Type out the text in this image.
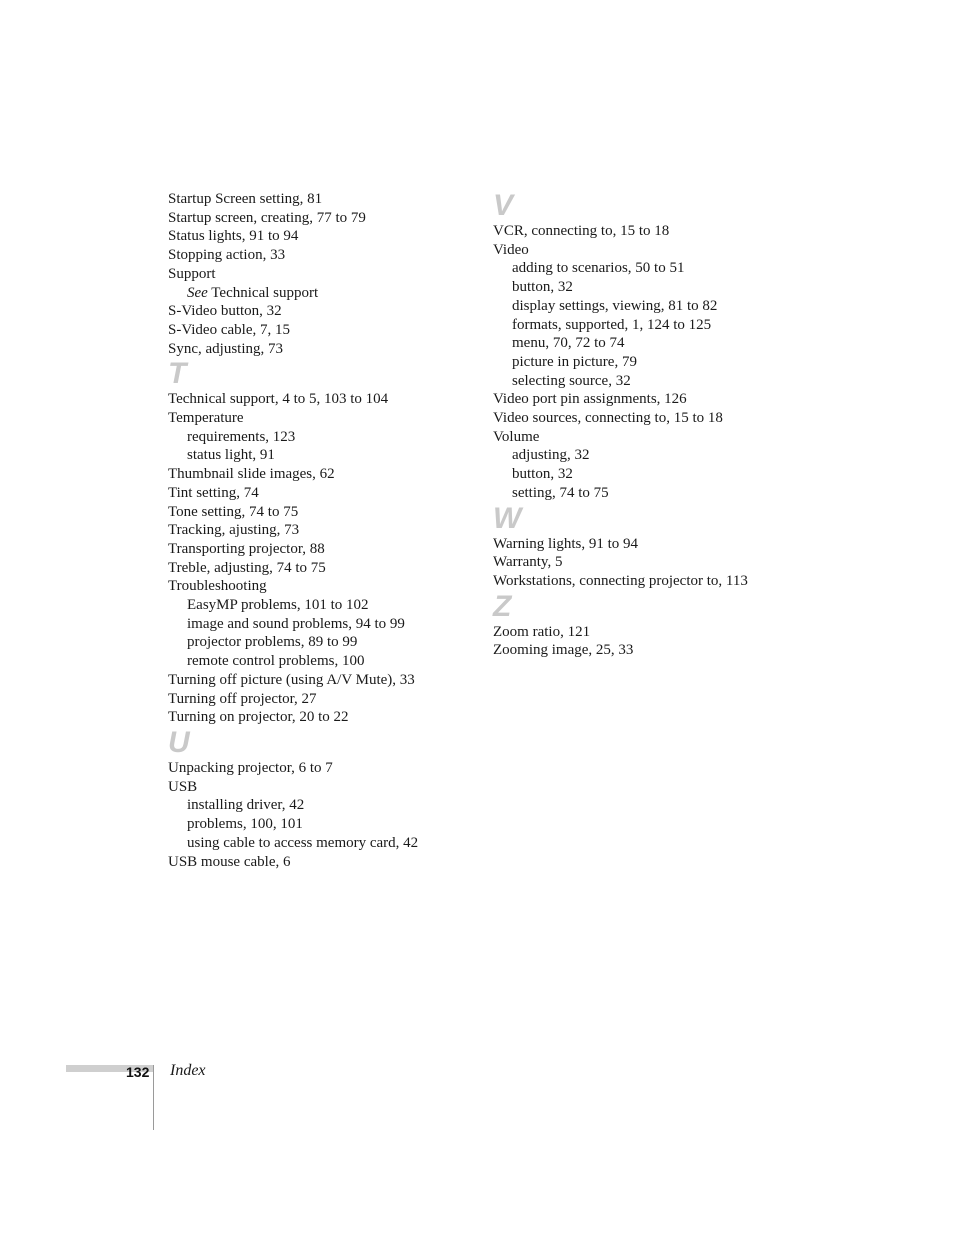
Startup Screen setting, 81
Startup screen, creating, 77 to 79
Status lights, 91 to 94
Stopping action, 33
Support
See Technical support
S-Video button, 32
S-Video cable, 7, 15
Sync, adjusting, 73
T
Technical support, 4 to 5, 103 to 104
Temperature
requirements, 123
status light, 91
Thumbnail slide images, 62
Tint setting, 74
Tone setting, 74 to 75
Tracking, ajusting, 73
Transporting projector, 88
Treble, adjusting, 74 to 75
Troubleshooting
EasyMP problems, 101 to 102
image and sound problems, 94 to 99
projector problems, 89 to 99
remote control problems, 100
Turning off picture (using A/V Mute), 33
Turning off projector, 27
Turning on projector, 20 to 22
U
Unpacking projector, 6 to 7
USB
installing driver, 42
problems, 100, 101
using cable to access memory card, 42
USB mouse cable, 6
V
VCR, connecting to, 15 to 18
Video
adding to scenarios, 50 to 51
button, 32
display settings, viewing, 81 to 82
formats, supported, 1, 124 to 125
menu, 70, 72 to 74
picture in picture, 79
selecting source, 32
Video port pin assignments, 126
Video sources, connecting to, 15 to 18
Volume
adjusting, 32
button, 32
setting, 74 to 75
W
Warning lights, 91 to 94
Warranty, 5
Workstations, connecting projector to, 113
Z
Zoom ratio, 121
Zooming image, 25, 33
132 Index
